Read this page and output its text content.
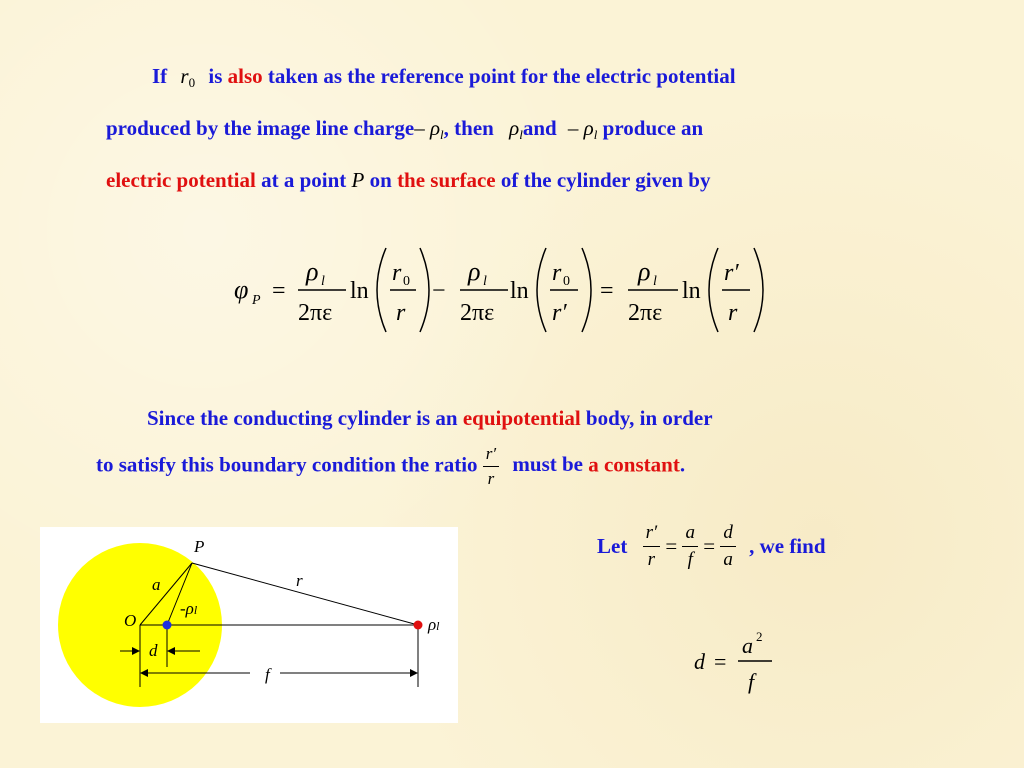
If $r_0$ is also taken as the reference point for the electric potential
produced by the image line charge– $\rho_l$, then $\rho_land - \rho_l$ produce an
electric potential at a point P on the surface of the cylinder given by
φ P =
ρ l
2πε
ln
r 0
r
−
ρ l
2πε
ln
r 0
r′
=
ρ l
2πε
ln
r′
r
Since the conducting cylinder is an equipotential body, in order
to satisfy this boundary condition the ratio $\frac{r'}{r}$ must be a constant.
Let $\frac{r'}{r} = \frac{a}{f} = \frac{d}{a}$ , we find
d =
a 2
f
P
a	r
O
-ρl
ρl
d
f
